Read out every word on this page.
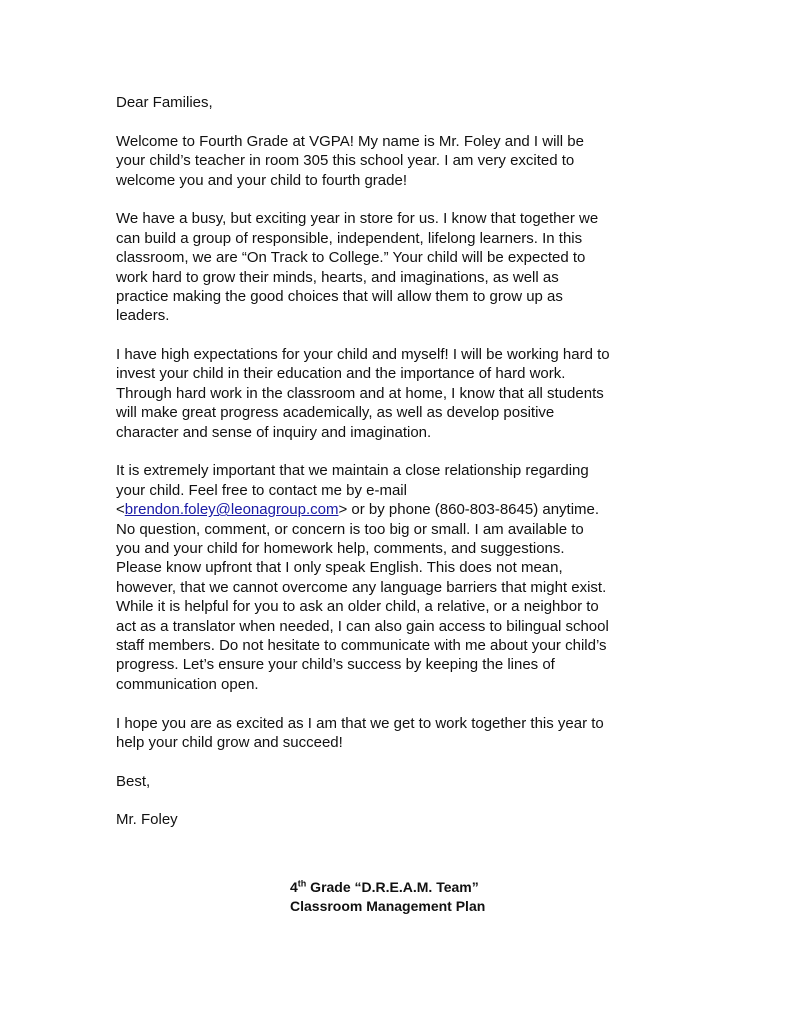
Dear Families,
Welcome to Fourth Grade at VGPA! My name is Mr. Foley and I will be
your child’s teacher in room 305 this school year. I am very excited to
welcome you and your child to fourth grade!
We have a busy, but exciting year in store for us. I know that together we
can build a group of responsible, independent, lifelong learners. In this
classroom, we are “On Track to College.” Your child will be expected to
work hard to grow their minds, hearts, and imaginations, as well as
practice making the good choices that will allow them to grow up as
leaders.
I have high expectations for your child and myself! I will be working hard to
invest your child in their education and the importance of hard work.
Through hard work in the classroom and at home, I know that all students
will make great progress academically, as well as develop positive
character and sense of inquiry and imagination.
It is extremely important that we maintain a close relationship regarding
your child. Feel free to contact me by e-mail
<brendon.foley@leonagroup.com> or by phone (860-803-8645) anytime.
No question, comment, or concern is too big or small. I am available to
you and your child for homework help, comments, and suggestions.
Please know upfront that I only speak English. This does not mean,
however, that we cannot overcome any language barriers that might exist.
While it is helpful for you to ask an older child, a relative, or a neighbor to
act as a translator when needed, I can also gain access to bilingual school
staff members. Do not hesitate to communicate with me about your child’s
progress. Let’s ensure your child’s success by keeping the lines of
communication open.
I hope you are as excited as I am that we get to work together this year to
help your child grow and succeed!
Best,
Mr. Foley
4th Grade “D.R.E.A.M. Team”
Classroom Management Plan
